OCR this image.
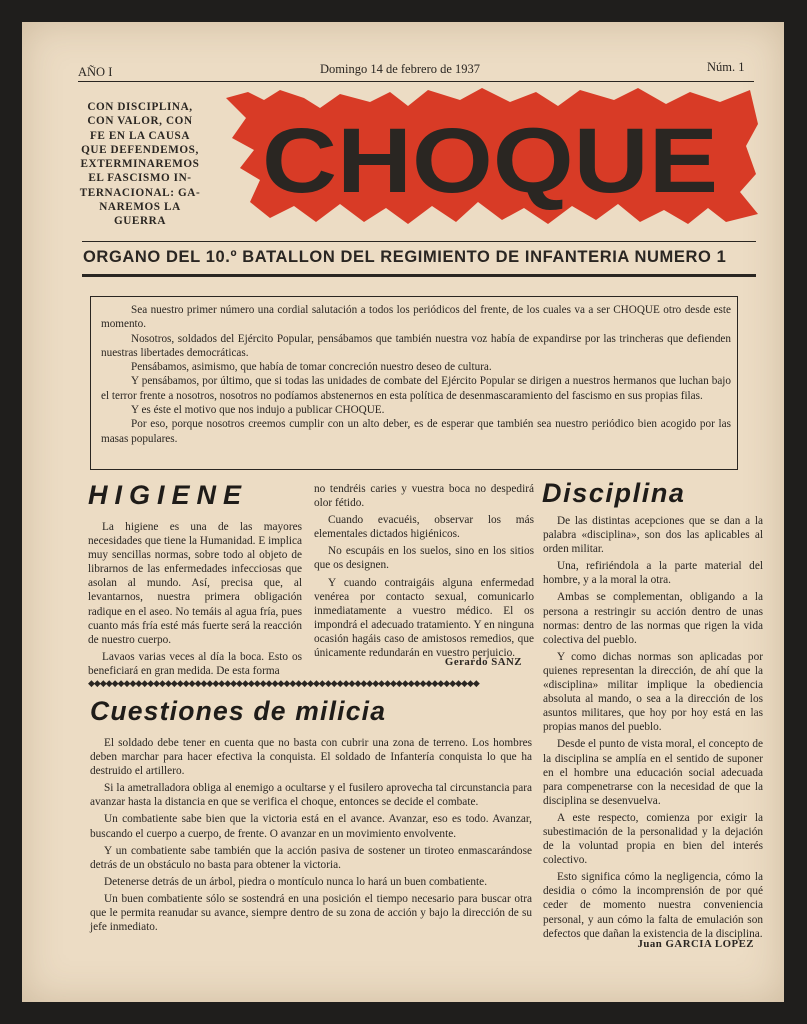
AÑO I	Domingo 14 de febrero de 1937	Núm. 1
CON DISCIPLINA,
CON VALOR, CON
FE EN LA CAUSA
QUE DEFENDEMOS,
EXTERMINAREMOS
EL FASCISMO IN-
TERNACIONAL: GA-
NAREMOS LA
GUERRA
CHOQUE
ORGANO DEL 10.º BATALLON DEL REGIMIENTO DE INFANTERIA NUMERO 1

Sea nuestro primer número una cordial salutación a todos los periódicos del frente, de los cuales va a ser CHOQUE otro desde este momento.

Nosotros, soldados del Ejército Popular, pensábamos que también nuestra voz había de expandirse por las trincheras que defienden nuestras libertades democráticas.

Pensábamos, asimismo, que había de tomar concreción nuestro deseo de cultura.

Y pensábamos, por último, que si todas las unidades de combate del Ejército Popular se dirigen a nuestros hermanos que luchan bajo el terror frente a nosotros, nosotros no podíamos abstenernos en esta política de desenmascaramiento del fascismo en sus propias filas.

Y es éste el motivo que nos indujo a publicar CHOQUE.

Por eso, porque nosotros creemos cumplir con un alto deber, es de esperar que también sea nuestro periódico bien acogido por las masas populares.

HIGIENE

La higiene es una de las mayores necesidades que tiene la Humanidad. E implica muy sencillas normas, sobre todo al objeto de librarnos de las enfermedades infecciosas que asolan al mundo. Así, precisa que, al levantarnos, nuestra primera obligación radique en el aseo. No temáis al agua fría, pues cuanto más fría esté más fuerte será la reacción de nuestro cuerpo.

Lavaos varias veces al día la boca. Esto os beneficiará en gran medida. De esta forma

no tendréis caries y vuestra boca no despedirá olor fétido.

Cuando evacuéis, observar los más elementales dictados higiénicos.

No escupáis en los suelos, sino en los sitios que os designen.

Y cuando contraigáis alguna enfermedad venérea por contacto sexual, comunicarlo inmediatamente a vuestro médico. El os impondrá el adecuado tratamiento. Y en ninguna ocasión hagáis caso de amistosos remedios, que únicamente redundarán en vuestro perjuicio.

Gerardo SANZ
◆◆◆◆◆◆◆◆◆◆◆◆◆◆◆◆◆◆◆◆◆◆◆◆◆◆◆◆◆◆◆◆◆◆◆◆◆◆◆◆◆◆◆◆◆◆◆◆◆◆◆◆◆◆◆◆◆◆◆◆◆◆◆◆◆◆
Cuestiones de milicia

El soldado debe tener en cuenta que no basta con cubrir una zona de terreno. Los hombres deben marchar para hacer efectiva la conquista. El soldado de Infantería conquista lo que ha destruido el artillero.

Si la ametralladora obliga al enemigo a ocultarse y el fusilero aprovecha tal circunstancia para avanzar hasta la distancia en que se verifica el choque, entonces se decide el combate.

Un combatiente sabe bien que la victoria está en el avance. Avanzar, eso es todo. Avanzar, buscando el cuerpo a cuerpo, de frente. O avanzar en un movimiento envolvente.

Y un combatiente sabe también que la acción pasiva de sostener un tiroteo enmascarándose detrás de un obstáculo no basta para obtener la victoria.

Detenerse detrás de un árbol, piedra o montículo nunca lo hará un buen combatiente.

Un buen combatiente sólo se sostendrá en una posición el tiempo necesario para buscar otra que le permita reanudar su avance, siempre dentro de su zona de acción y bajo la dirección de su jefe inmediato.

Disciplina

De las distintas acepciones que se dan a la palabra «disciplina», son dos las aplicables al orden militar.

Una, refiriéndola a la parte material del hombre, y a la moral la otra.

Ambas se complementan, obligando a la persona a restringir su acción dentro de unas normas: dentro de las normas que rigen la vida colectiva del pueblo.

Y como dichas normas son aplicadas por quienes representan la dirección, de ahí que la «disciplina» militar implique la obediencia absoluta al mando, o sea a la dirección de los asuntos militares, que hoy por hoy está en las propias manos del pueblo.

Desde el punto de vista moral, el concepto de la disciplina se amplía en el sentido de suponer en el hombre una educación social adecuada para compenetrarse con la necesidad de que la disciplina se desenvuelva.

A este respecto, comienza por exigir la subestimación de la personalidad y la dejación de la voluntad propia en bien del interés colectivo.

Esto significa cómo la negligencia, cómo la desidia o cómo la incomprensión de por qué ceder de momento nuestra conveniencia personal, y aun cómo la falta de emulación son defectos que dañan la existencia de la disciplina.

Juan GARCIA LOPEZ
